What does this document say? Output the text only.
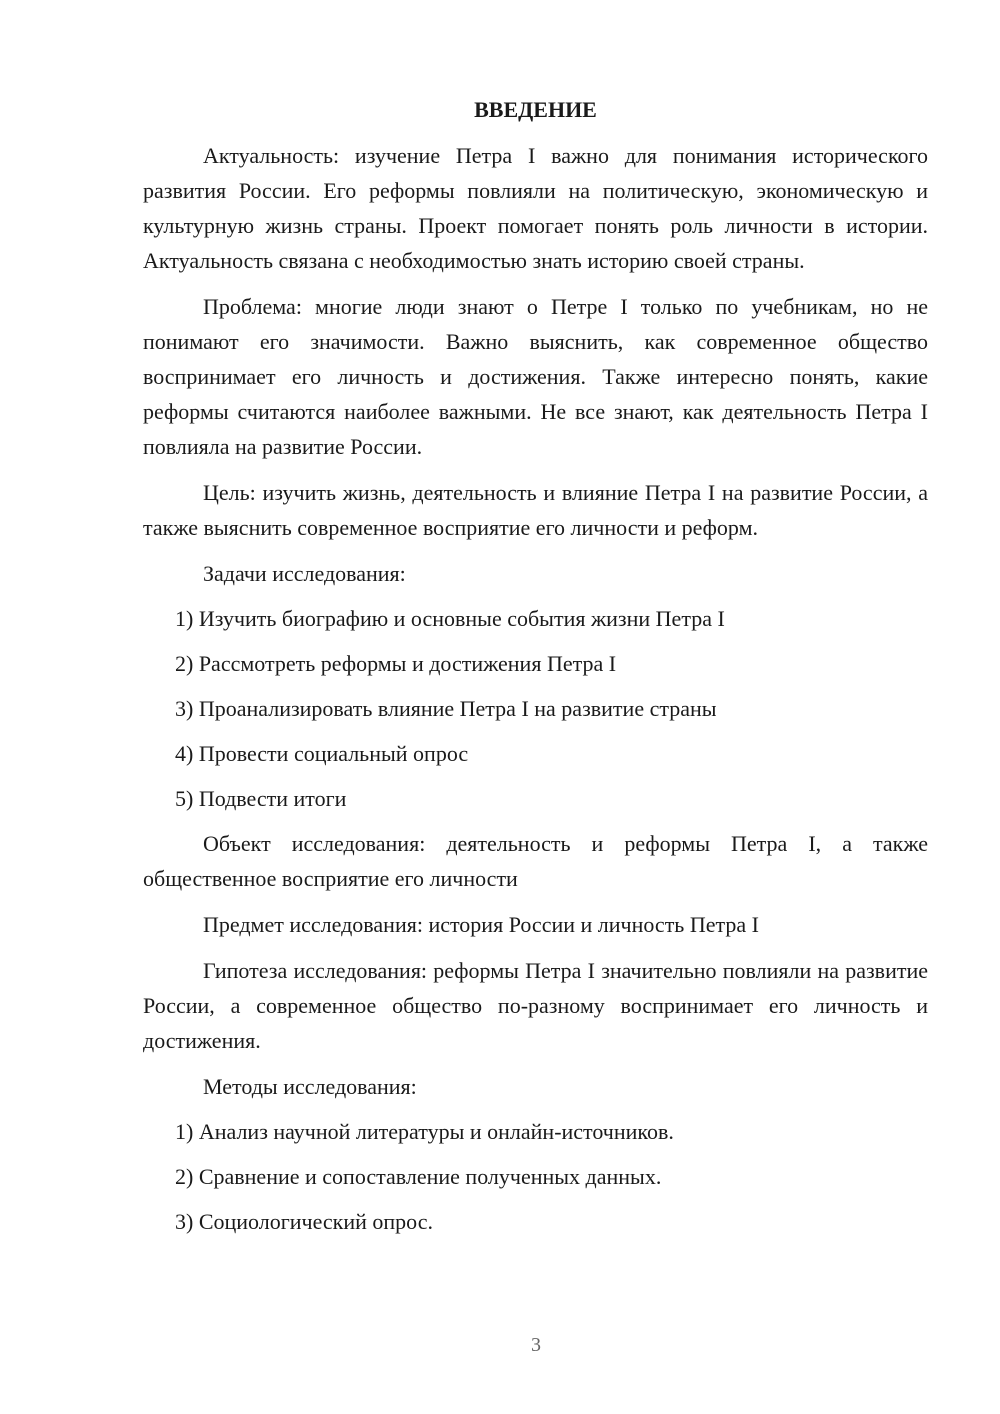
ВВЕДЕНИЕ

Актуальность: изучение Петра I важно для понимания исторического развития России. Его реформы повлияли на политическую, экономическую и культурную жизнь страны. Проект помогает понять роль личности в истории. Актуальность связана с необходимостью знать историю своей страны.

Проблема: многие люди знают о Петре I только по учебникам, но не понимают его значимости. Важно выяснить, как современное общество воспринимает его личность и достижения. Также интересно понять, какие реформы считаются наиболее важными. Не все знают, как деятельность Петра I повлияла на развитие России.

Цель: изучить жизнь, деятельность и влияние Петра I на развитие России, а также выяснить современное восприятие его личности и реформ.

Задачи исследования:
1) Изучить биографию и основные события жизни Петра I
2) Рассмотреть реформы и достижения Петра I
3) Проанализировать влияние Петра I на развитие страны
4) Провести социальный опрос
5) Подвести итоги

Объект исследования: деятельность и реформы Петра I, а также общественное восприятие его личности

Предмет исследования: история России и личность Петра I

Гипотеза исследования: реформы Петра I значительно повлияли на развитие России, а современное общество по-разному воспринимает его личность и достижения.

Методы исследования:
1) Анализ научной литературы и онлайн-источников.
2) Сравнение и сопоставление полученных данных.
3) Социологический опрос.
3
